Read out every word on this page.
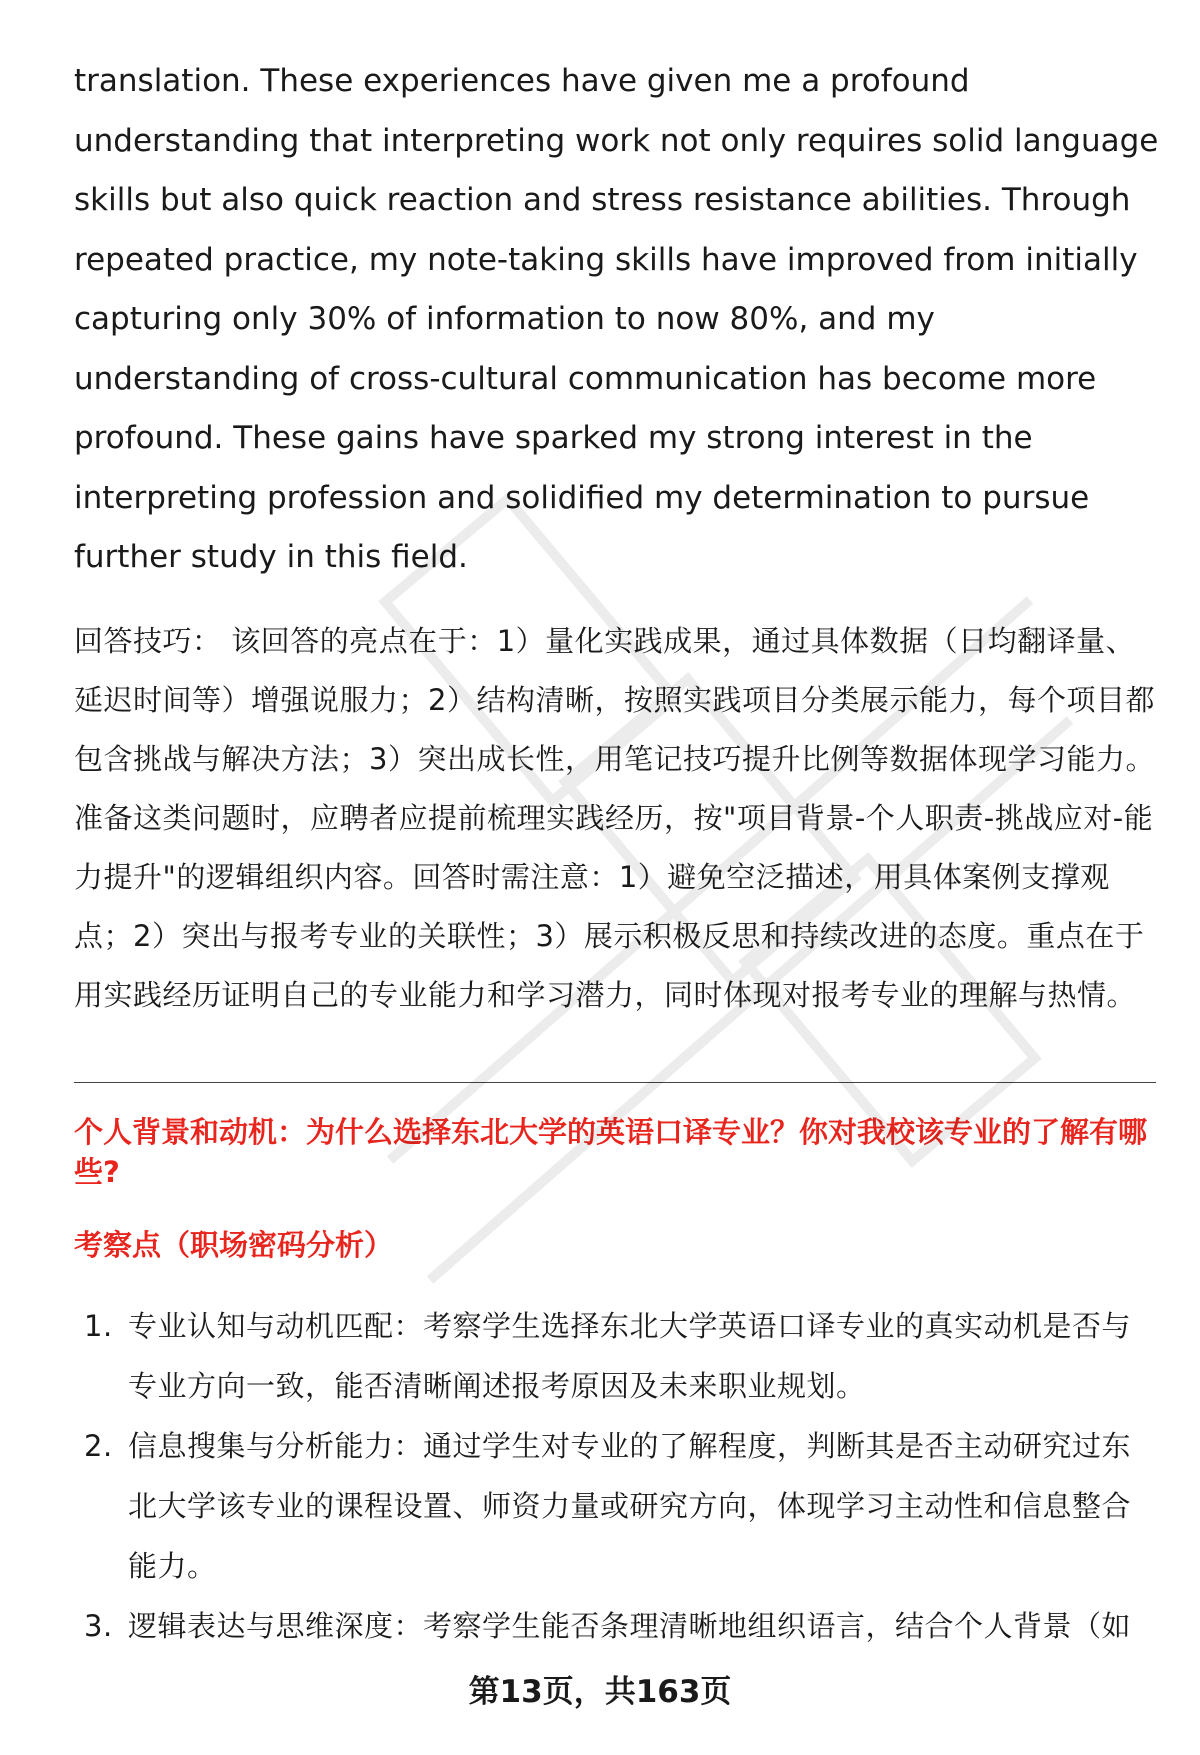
translation. These experiences have given me a profound understanding that interpreting work not only requires solid language skills but also quick reaction and stress resistance abilities. Through repeated practice, my note-taking skills have improved from initially capturing only 30% of information to now 80%, and my understanding of cross-cultural communication has become more profound. These gains have sparked my strong interest in the interpreting profession and solidified my determination to pursue further study in this field.

回答技巧： 该回答的亮点在于：1）量化实践成果，通过具体数据（日均翻译量、延迟时间等）增强说服力；2）结构清晰，按照实践项目分类展示能力，每个项目都包含挑战与解决方法；3）突出成长性，用笔记技巧提升比例等数据体现学习能力。准备这类问题时，应聘者应提前梳理实践经历，按"项目背景-个人职责-挑战应对-能力提升"的逻辑组织内容。回答时需注意：1）避免空泛描述，用具体案例支撑观点；2）突出与报考专业的关联性；3）展示积极反思和持续改进的态度。重点在于用实践经历证明自己的专业能力和学习潜力，同时体现对报考专业的理解与热情。

个人背景和动机：为什么选择东北大学的英语口译专业？你对我校该专业的了解有哪些?

考察点（职场密码分析）

1. 专业认知与动机匹配：考察学生选择东北大学英语口译专业的真实动机是否与专业方向一致，能否清晰阐述报考原因及未来职业规划。
2. 信息搜集与分析能力：通过学生对专业的了解程度，判断其是否主动研究过东北大学该专业的课程设置、师资力量或研究方向，体现学习主动性和信息整合能力。
3. 逻辑表达与思维深度：考察学生能否条理清晰地组织语言，结合个人背景（如
第13页，共163页
